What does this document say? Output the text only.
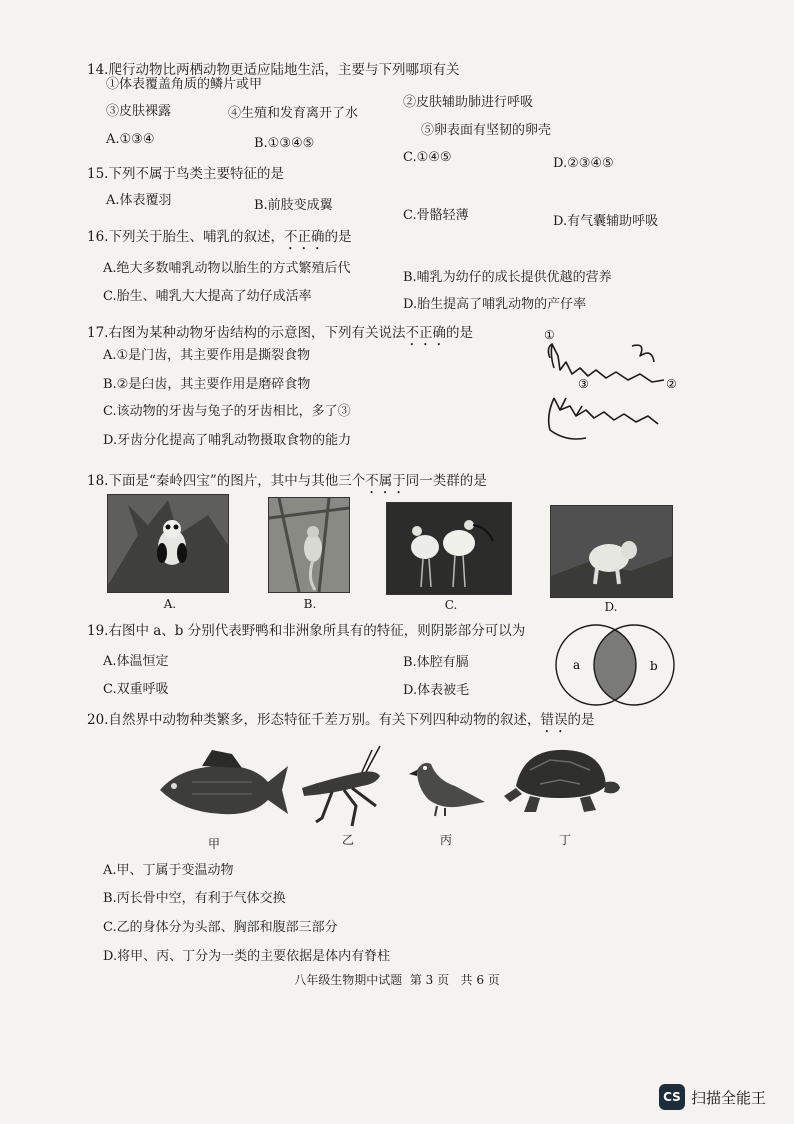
14.爬行动物比两栖动物更适应陆地生活，主要与下列哪项有关
①体表覆盖角质的鳞片或甲
③皮肤裸露	④生殖和发育离开了水
②皮肤辅助肺进行呼吸
⑤卵表面有坚韧的卵壳
A.①③④	B.①③④⑤
C.①④⑤	D.②③④⑤
15.下列不属于鸟类主要特征的是
A.体表覆羽	B.前肢变成翼
C.骨骼轻薄	D.有气囊辅助呼吸
16.下列关于胎生、哺乳的叙述，不正确的是
A.绝大多数哺乳动物以胎生的方式繁殖后代
B.哺乳为幼仔的成长提供优越的营养
C.胎生、哺乳大大提高了幼仔成活率
D.胎生提高了哺乳动物的产仔率
17.右图为某种动物牙齿结构的示意图，下列有关说法不正确的是
A.①是门齿，其主要作用是撕裂食物
B.②是臼齿，其主要作用是磨碎食物
C.该动物的牙齿与兔子的牙齿相比，多了③
D.牙齿分化提高了哺乳动物摄取食物的能力
①
③	②
18.下面是“秦岭四宝”的图片，其中与其他三个不属于同一类群的是
A.	B.	C.	D.
19.右图中 a、b 分别代表野鸭和非洲象所具有的特征，则阴影部分可以为
A.体温恒定	B.体腔有膈
C.双重呼吸	D.体表被毛
a	b
20.自然界中动物种类繁多，形态特征千差万别。有关下列四种动物的叙述，错误的是
甲	乙	丙	丁
A.甲、丁属于变温动物
B.丙长骨中空，有利于气体交换
C.乙的身体分为头部、胸部和腹部三部分
D.将甲、丙、丁分为一类的主要依据是体内有脊柱
八年级生物期中试题  第 3 页   共 6 页
CS 扫描全能王
